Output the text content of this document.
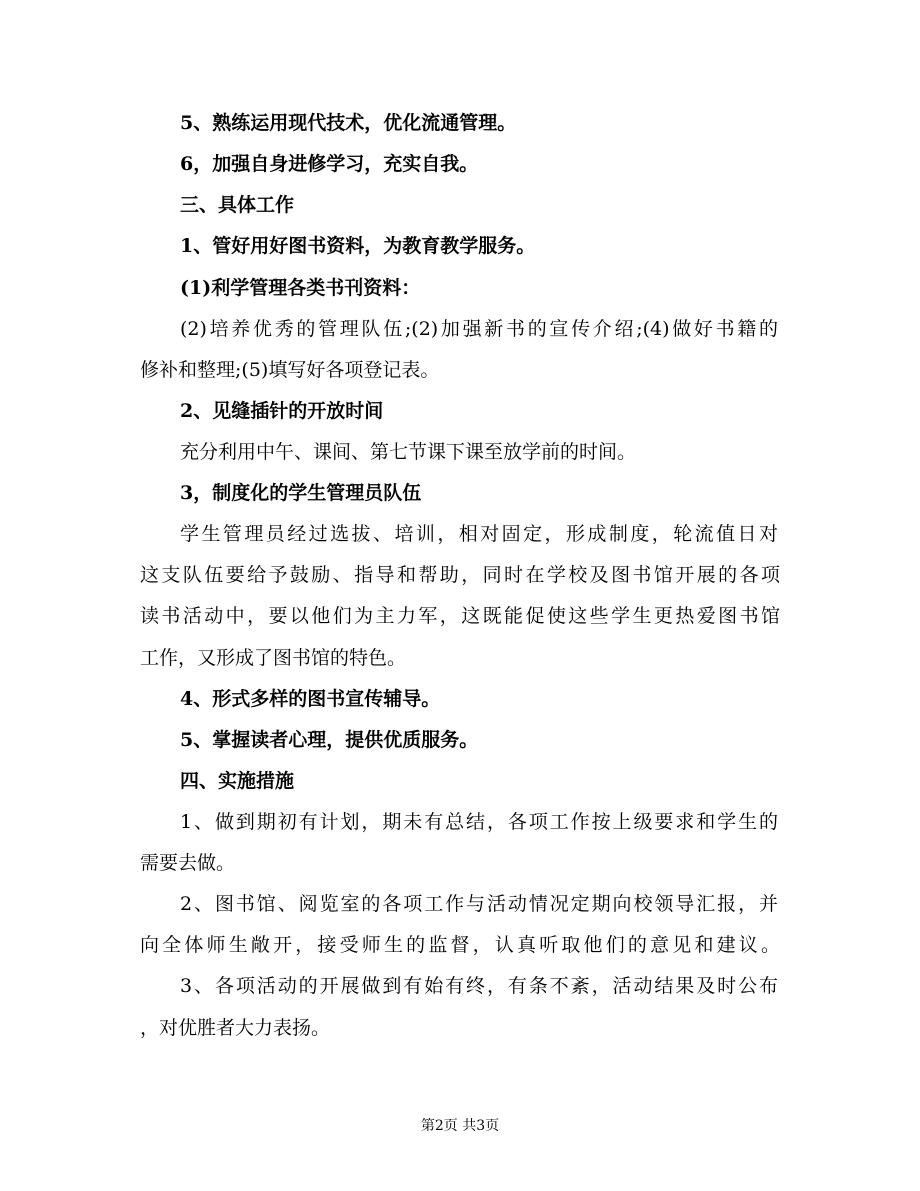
5、熟练运用现代技术，优化流通管理。
6，加强自身进修学习，充实自我。
三、具体工作
1、管好用好图书资料，为教育教学服务。
(1)利学管理各类书刊资料：
(2)培养优秀的管理队伍;(2)加强新书的宣传介绍;(4)做好书籍的
修补和整理;(5)填写好各项登记表。
2、见缝插针的开放时间
充分利用中午、课间、第七节课下课至放学前的时间。
3，制度化的学生管理员队伍
学生管理员经过选拔、培训，相对固定，形成制度，轮流值日对
这支队伍要给予鼓励、指导和帮助，同时在学校及图书馆开展的各项
读书活动中，要以他们为主力军，这既能促使这些学生更热爱图书馆
工作，又形成了图书馆的特色。
4、形式多样的图书宣传辅导。
5、掌握读者心理，提供优质服务。
四、实施措施
1、做到期初有计划，期未有总结，各项工作按上级要求和学生的
需要去做。
2、图书馆、阅览室的各项工作与活动情况定期向校领导汇报，并
向全体师生敞开，接受师生的监督，认真听取他们的意见和建议。
3、各项活动的开展做到有始有终，有条不紊，活动结果及时公布
，对优胜者大力表扬。
第2页 共3页
